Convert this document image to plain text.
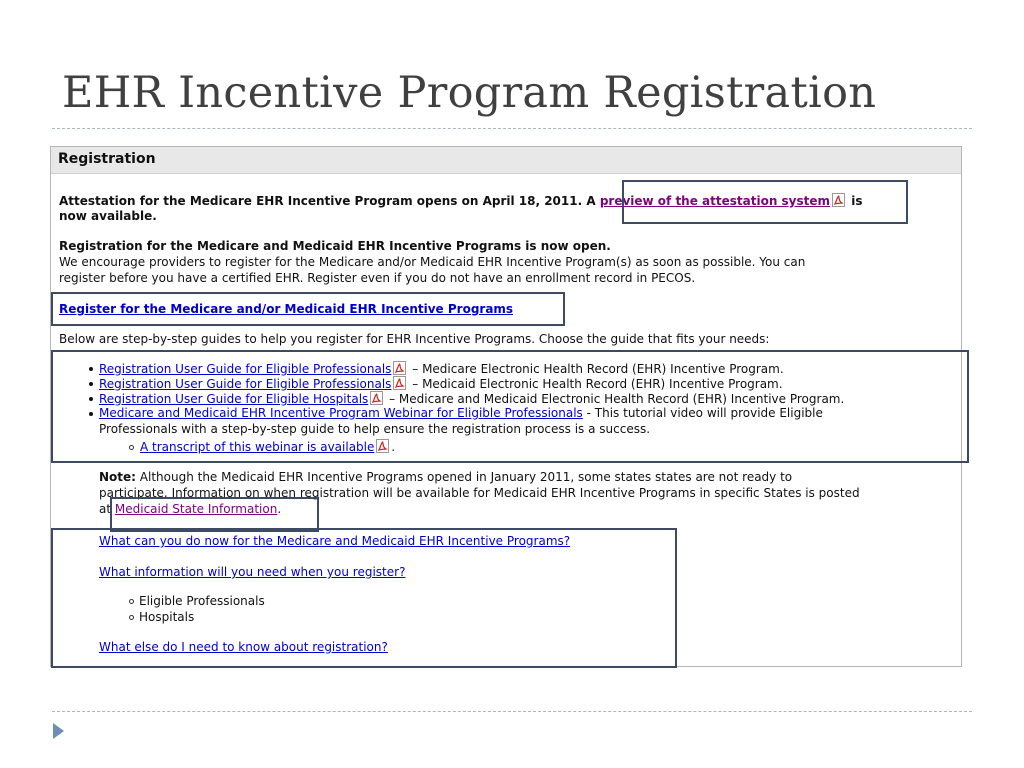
EHR Incentive Program Registration
Registration
Attestation for the Medicare EHR Incentive Program opens on April 18, 2011. A preview of the attestation system
is
now available.
Registration for the Medicare and Medicaid EHR Incentive Programs is now open.
We encourage providers to register for the Medicare and/or Medicaid EHR Incentive Program(s) as soon as possible. You can
register before you have a certified EHR. Register even if you do not have an enrollment record in PECOS.
Register for the Medicare and/or Medicaid EHR Incentive Programs
Below are step-by-step guides to help you register for EHR Incentive Programs. Choose the guide that fits your needs:
Registration User Guide for Eligible Professionals
– Medicare Electronic Health Record (EHR) Incentive Program.
Registration User Guide for Eligible Professionals
– Medicaid Electronic Health Record (EHR) Incentive Program.
Registration User Guide for Eligible Hospitals
– Medicare and Medicaid Electronic Health Record (EHR) Incentive Program.
Medicare and Medicaid EHR Incentive Program Webinar for Eligible Professionals - This tutorial video will provide Eligible
Professionals with a step-by-step guide to help ensure the registration process is a success.
A transcript of this webinar is available .
Note: Although the Medicaid EHR Incentive Programs opened in January 2011, some states states are not ready to
participate. Information on when registration will be available for Medicaid EHR Incentive Programs in specific States is posted
at Medicaid State Information.
What can you do now for the Medicare and Medicaid EHR Incentive Programs?
What information will you need when you register?
Eligible Professionals
Hospitals
What else do I need to know about registration?
